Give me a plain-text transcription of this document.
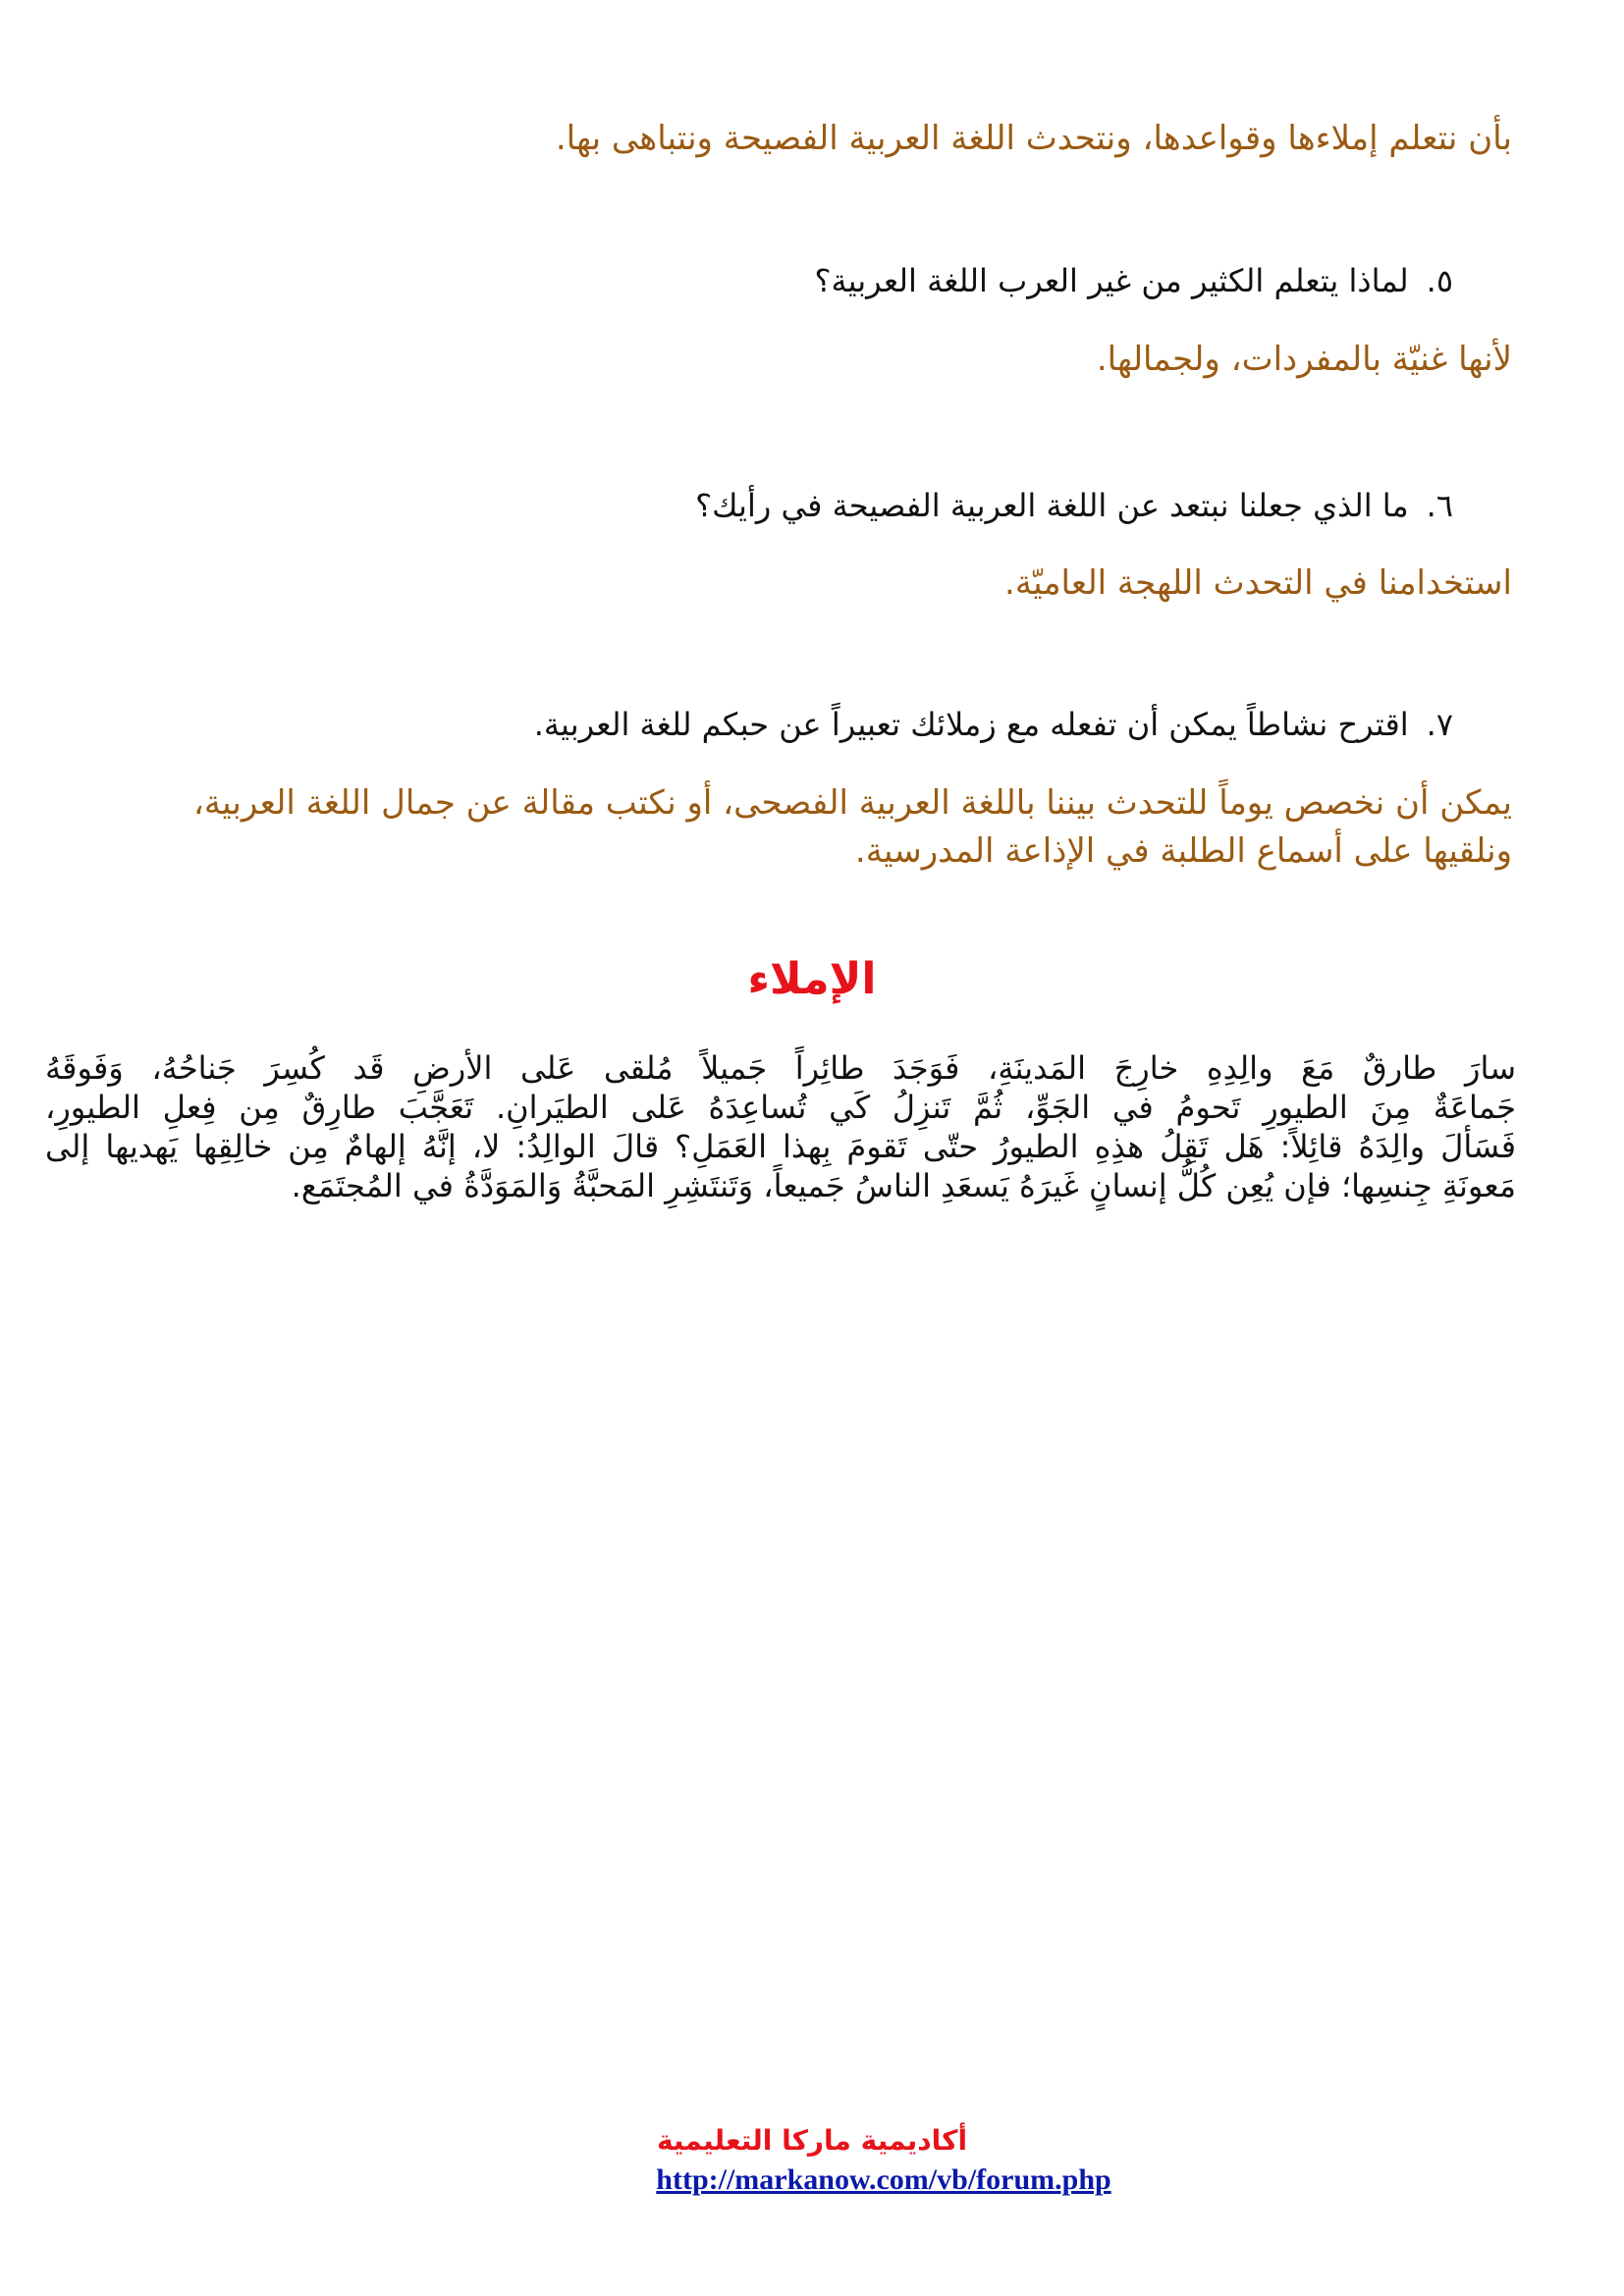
بأن نتعلم إملاءها وقواعدها، ونتحدث اللغة العربية الفصيحة ونتباهى بها.
٥.لماذا يتعلم الكثير من غير العرب اللغة العربية؟
لأنها غنيّة بالمفردات، ولجمالها.
٦.ما الذي جعلنا نبتعد عن اللغة العربية الفصيحة في رأيك؟
استخدامنا في التحدث اللهجة العاميّة.
٧.اقترح نشاطاً يمكن أن تفعله مع زملائك تعبيراً عن حبكم للغة العربية.
يمكن أن نخصص يوماً للتحدث بيننا باللغة العربية الفصحى، أو نكتب مقالة عن جمال اللغة العربية،
ونلقيها على أسماع الطلبة في الإذاعة المدرسية.
الإملاء
سارَ طارقٌ مَعَ والِدِهِ خارِجَ المَدينَةِ، فَوَجَدَ طائِراً جَميلاً مُلقى عَلى الأرضِ قَد كُسِرَ جَناحُهُ، وَفَوقَهُ
جَماعَةٌ مِنَ الطيورِ تَحومُ في الجَوِّ، ثُمَّ تَنزِلُ كَي تُساعِدَهُ عَلى الطيَرانِ. تَعَجَّبَ طارِقٌ مِن فِعلِ الطيورِ،
فَسَألَ والِدَهُ قائِلاً: هَل تَقِلُ هذِهِ الطيورُ حتّى تَقومَ بِهذا العَمَلِ؟ قالَ الوالِدُ: لا، إنَّهُ إلهامٌ مِن خالِقِها يَهديها إلى
مَعونَةِ جِنسِها؛ فإن يُعِن كُلُّ إنسانٍ غَيرَهُ يَسعَدِ الناسُ جَميعاً، وَتَنتَشِرِ المَحبَّةُ وَالمَوَدَّةُ في المُجتَمَع.
أكاديمية ماركا التعليمية
http://markanow.com/vb/forum.php
